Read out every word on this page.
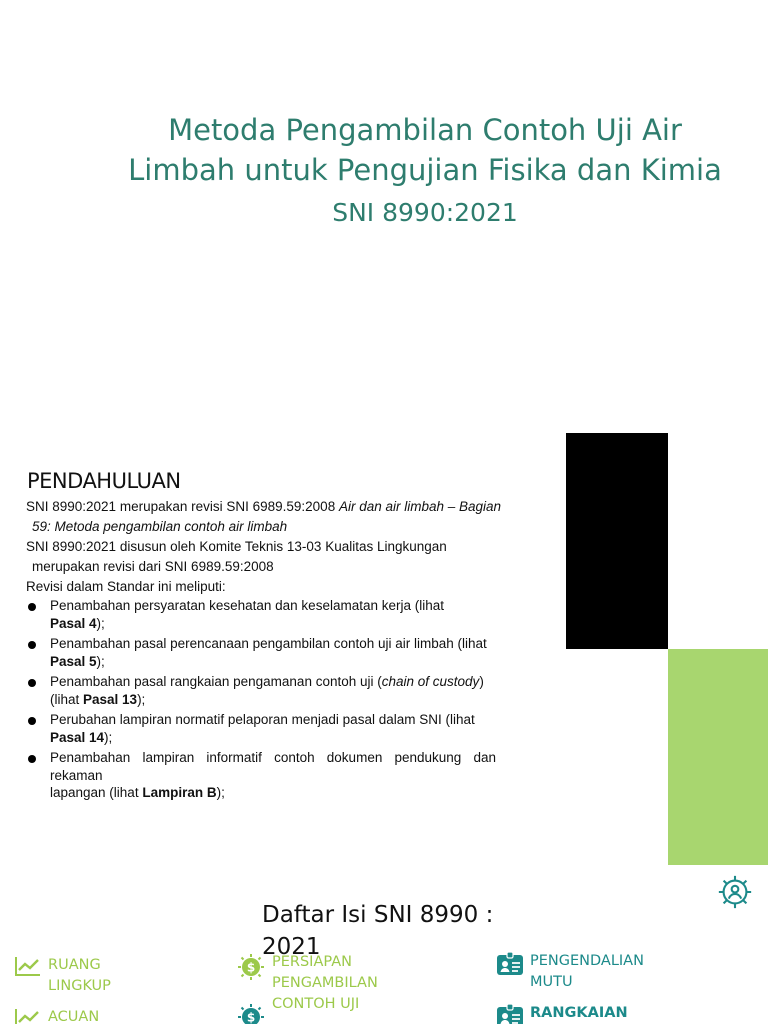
Metoda Pengambilan Contoh Uji Air
Limbah untuk Pengujian Fisika dan Kimia
SNI 8990:2021
PENDAHULUAN

SNI 8990:2021 merupakan revisi SNI 6989.59:2008 Air dan air limbah – Bagian

59: Metoda pengambilan contoh air limbah

SNI 8990:2021 disusun oleh Komite Teknis 13-03 Kualitas Lingkungan

merupakan revisi dari SNI 6989.59:2008

Revisi dalam Standar ini meliputi:

Penambahan persyaratan kesehatan dan keselamatan kerja (lihat
Pasal 4);
Penambahan pasal perencanaan pengambilan contoh uji air limbah (lihat
Pasal 5);
Penambahan pasal rangkaian pengamanan contoh uji (chain of custody)
(lihat Pasal 13);
Perubahan lampiran normatif pelaporan menjadi pasal dalam SNI (lihat
Pasal 14);
Penambahan lampiran informatif contoh dokumen pendukung dan rekaman
lapangan (lihat Lampiran B);
Daftar Isi SNI 8990 : 2021
RUANG
LINGKUP
ACUAN
$ PERSIAPAN
PENGAMBILAN
CONTOH UJI
$
PENGENDALIAN
MUTU
RANGKAIAN
